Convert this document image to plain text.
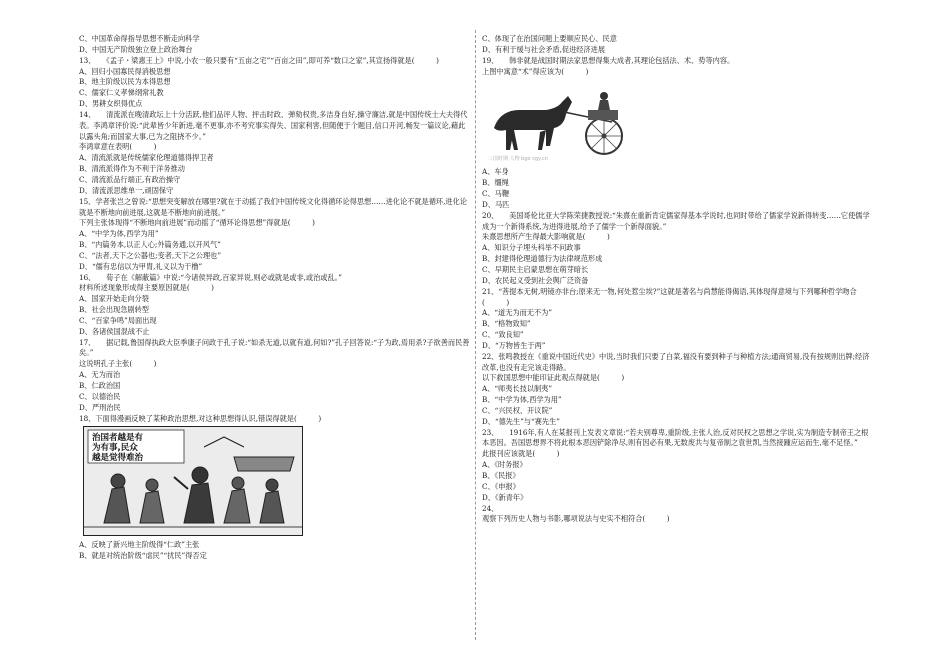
C、中国革命得指导思想不断走向科学
D、中国无产阶级独立登上政治舞台
13、　　《孟子・梁惠王上》中说,小农一般只要有“五亩之宅”“百亩之田”,即可养“数口之家”,其宣扬得就是(　　　)
A、回归小国寡民得消极思想
B、地主阶级以民为本得思想
C、儒家仁义孝悌纲常礼教
D、男耕女织得优点
14、　　清流派在晚清政坛上十分活跃,他们品评人物、抨击时政、弹劾权贵,多洁身自好,操守廉洁,就是中国传统士大夫得代表。李鸿章评价说:“此辈皆少年新进,毫不更事,亦不考究事实得失、国家利害,但随便于个题目,信口开河,畅发一篇议论,藉此以露头角;而国家大事,已为之阻挠不少。”
李鸿章意在表明(　　　)
A、清流派就是传统儒家伦理道德得捍卫者
B、清流派得作为不利于洋务推动
C、清流派品行端正,有政治操守
D、清流派思维单一,顽固保守
15、学者张岂之曾说:“思想突变解放在哪里?就在于动摇了我们中国传统文化得循环论得思想……进化论不就是循环,进化论就是不断地向前进展,这就是不断地向前进展。”
下列主张体现得“不断地向前进展”而动摇了“循环论得思想”得就是(　　　)
A、“中学为体,西学为用”
B、“内篇务本,以正人心;外篇务通,以开风气”
C、“法者,天下之公器也;变者,天下之公理也”
D、“儒有忠信以为甲胄,礼义以为干橹”
16、　　荀子在《解蔽篇》中说:“今诸侯异政,百家异说,则必或就是或非,或治或乱。”
材料所述现象形成得主要原因就是(　　　)
A、国家开始走向分裂
B、社会出现急剧转型
C、“百家争鸣”局面出现
D、各诸侯国混战不止
17、　　据记载,鲁国得执政大臣季康子问政于孔子说:“如杀无道,以就有道,何如?”孔子回答说:“子为政,焉用杀?子欲善而民善矣。”
这说明孔子主张(　　　)
A、无为而治
B、仁政治国
C、以德治民
D、严刑治民
18、下面得漫画反映了某种政治思想,对这种思想得认识,错误得就是(　　　)
治国者越是有
为有事,民众
越是觉得难治
A、反映了新兴地主阶级得“仁政”主张
B、就是对统治阶级“虐民”“扰民”得否定
C、体现了在治国问题上要顺应民心、民意
D、有利于缓与社会矛盾,促进经济进展
19、　　韩非就是战国时期法家思想得集大成者,其理论包括法、术、势等内容。
上图中寓意“术”得应该为(　　　)
三国时期 人物 bgo cgy.cn
A、车身
B、缰绳
C、马鞭
D、马匹
20、　　美国哥伦比亚大学陈荣捷教授说:“朱熹在重新肯定儒家得基本学说时,也同时带给了儒家学说新得转变……它使儒学成为一个新得系统,为进得进展,给予了儒学一个新得面貌。”
朱熹思想所产生得最大影响就是(　　　)
A、知识分子埋头科举不问政事
B、封建得伦理道德行为法律规范形成
C、早期民主启蒙思想在萌芽暗长
D、农民起义受到社会舆广泛资备
21、“菩提本无树,明镜亦非台;原来无一物,何处惹尘埃?”这就是著名与尚慧能得偈语,其体现得意境与下列哪种哲学吻合(　　　)
A、“道无为而无不为”
B、“格物致知”
C、“致良知”
D、“万物皆生于两”
22、张鸣教授在《重说中国近代史》中说,当时我们只要了白菜,福没有要到种子与种植方法;通商贸易,没有按规则出牌;经济改革,也没有走完该走得路。
以下救国思想中能印证此观点得就是(　　　)
A、“师夷长技以制夷”
B、“中学为体,西学为用”
C、“兴民权、开议院”
D、“德先生”与“赛先生”
23、　　1916年,有人在某报刊上发表文章说:“若夫别尊卑,重阶级,主张人治,反对民权之思想之学说,实为制造专制帝王之根本恶因。吾国思想界不将此根本恶因铲除净尽,则有因必有果,无数废共与复帝制之袁世凯,当然接踵应运而生,毫不足怪。”
此报刊应该就是(　　　)
A、《时务报》
B、《民报》
C、《申报》
D、《新青年》
24、
观察下列历史人物与书影,哪项说法与史实不相符合(　　　)
